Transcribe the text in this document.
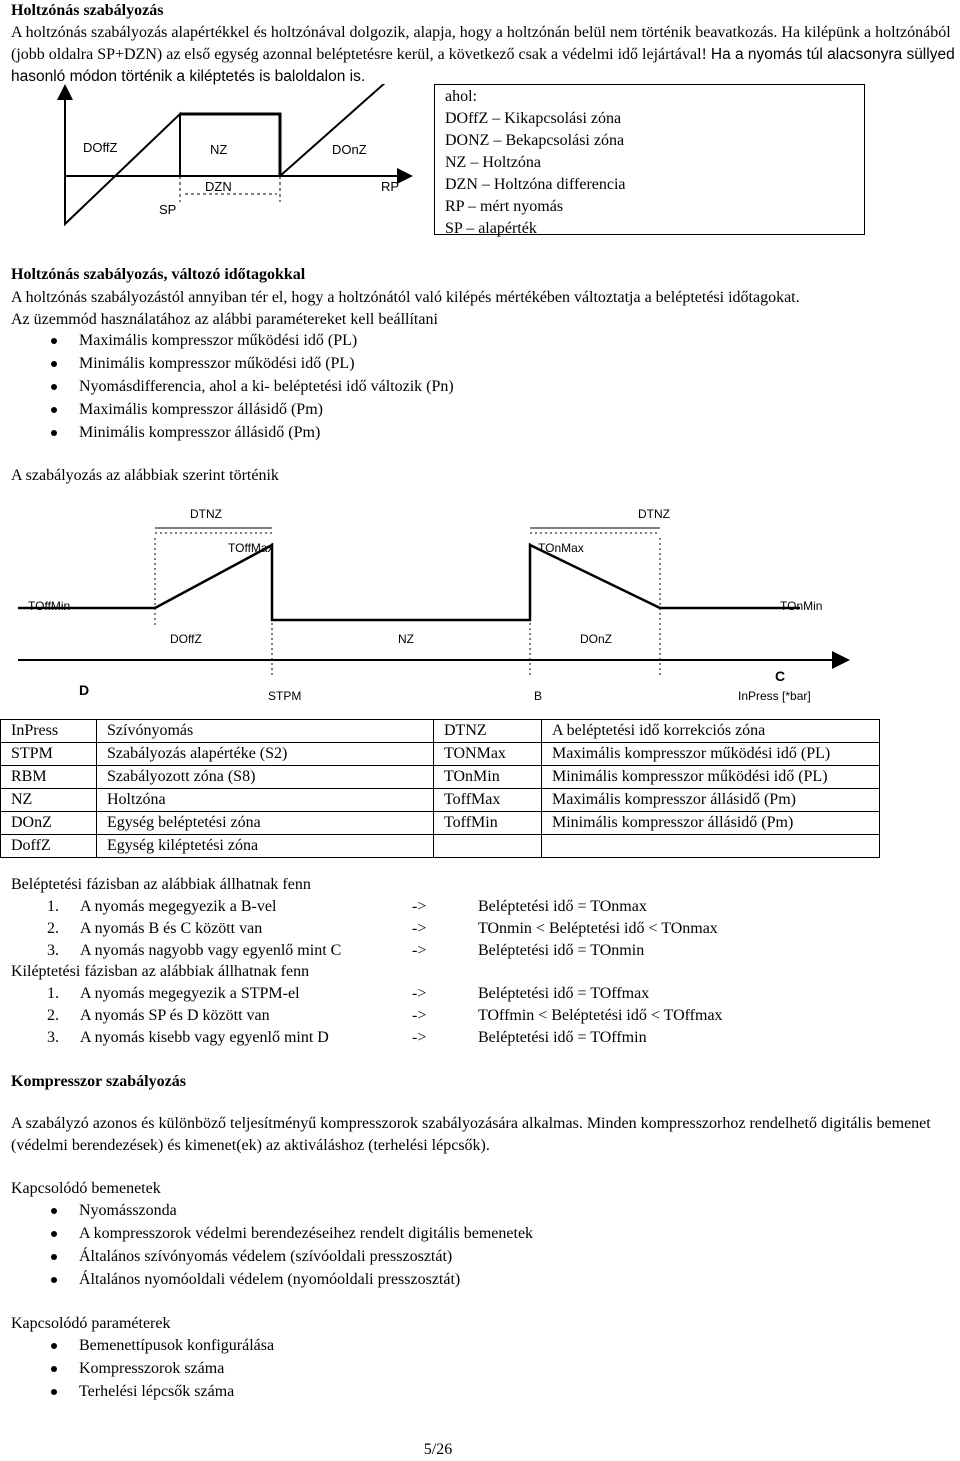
Holtzónás szabályozás
A holtzónás szabályozás alapértékkel és holtzónával dolgozik, alapja, hogy a holtzónán belül nem történik beavatkozás. Ha kilépünk a holtzónából (jobb oldalra SP+DZN) az első egység azonnal beléptetésre kerül, a következő csak a védelmi idő lejártával! Ha a nyomás túl alacsonyra süllyed hasonló módon történik a kiléptetés is baloldalon is.
DOffZ	NZ	DOnZ
DZN	RP
SP
ahol:
DOffZ – Kikapcsolási zóna
DONZ – Bekapcsolási zóna
NZ – Holtzóna
DZN – Holtzóna differencia
RP – mért nyomás
SP – alapérték
Holtzónás szabályozás, változó időtagokkal
A holtzónás szabályozástól annyiban tér el, hogy a holtzónától való kilépés mértékében változtatja a beléptetési időtagokat.
Az üzemmód használatához az alábbi paramétereket kell beállítani
Maximális kompresszor működési idő (PL)
Minimális kompresszor működési idő (PL)
Nyomásdifferencia, ahol a ki- beléptetési idő változik (Pn)
Maximális kompresszor állásidő (Pm)
Minimális kompresszor állásidő (Pm)
A szabályozás az alábbiak szerint történik
DTNZ	DTNZ
TOffMax	TOnMax
TOffMin	TOnMin
DOffZ	NZ	DOnZ
D
C
STPM	B	InPress [*bar]
InPress	Szívónyomás	DTNZ	A beléptetési idő korrekciós zóna
STPM	Szabályozás alapértéke (S2)	TONMax	Maximális kompresszor működési idő (PL)
RBM	Szabályozott zóna (S8)	TOnMin	Minimális kompresszor működési idő (PL)
NZ	Holtzóna	ToffMax	Maximális kompresszor állásidő (Pm)
DOnZ	Egység beléptetési zóna	ToffMin	Minimális kompresszor állásidő (Pm)
DoffZ	Egység kiléptetési zóna		
Beléptetési fázisban az alábbiak állhatnak fenn
1. A nyomás megegyezik a B-vel	->	Beléptetési idő = TOnmax
2. A nyomás B és C között van	->	TOnmin < Beléptetési idő < TOnmax
3. A nyomás nagyobb vagy egyenlő mint C	->	Beléptetési idő = TOnmin
Kiléptetési fázisban az alábbiak állhatnak fenn
1. A nyomás megegyezik a STPM-el	->	Beléptetési idő = TOffmax
2. A nyomás SP és D között van	->	TOffmin < Beléptetési idő < TOffmax
3. A nyomás kisebb vagy egyenlő mint D	->	Beléptetési idő = TOffmin
Kompresszor szabályozás
A szabályzó azonos és különböző teljesítményű kompresszorok szabályozására alkalmas. Minden kompresszorhoz rendelhető digitális bemenet (védelmi berendezések) és kimenet(ek) az aktiváláshoz (terhelési lépcsők).
Kapcsolódó bemenetek
Nyomásszonda
A kompresszorok védelmi berendezéseihez rendelt digitális bemenetek
Általános szívónyomás védelem (szívóoldali presszosztát)
Általános nyomóoldali védelem (nyomóoldali presszosztát)
Kapcsolódó paraméterek
Bemenettípusok konfigurálása
Kompresszorok száma
Terhelési lépcsők száma
5/26
